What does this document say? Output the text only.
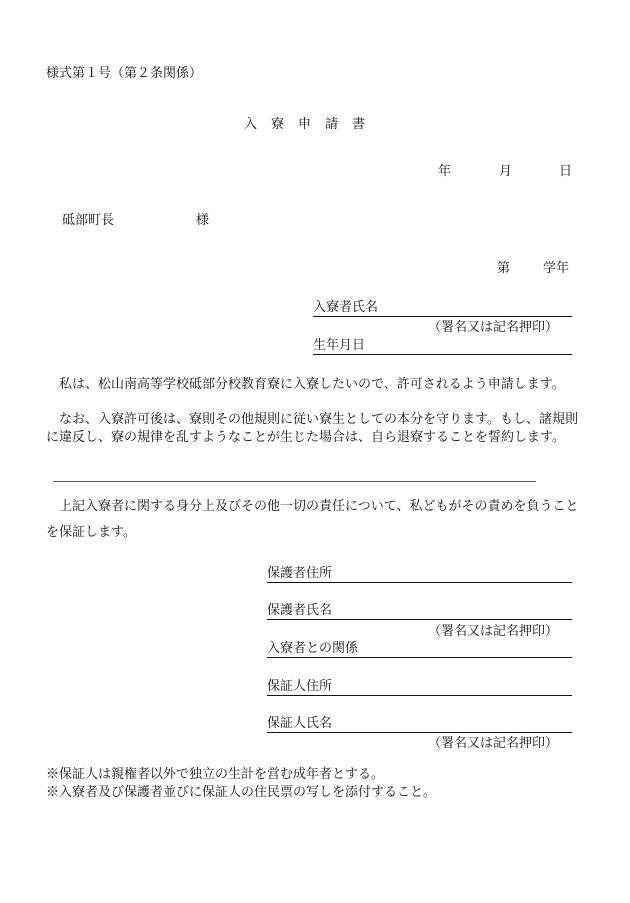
様式第１号（第２条関係）
入寮申請書
年	月	日
砥部町長	様
第	学年
入寮者氏名
（署名又は記名押印）
生年月日
私は、松山南高等学校砥部分校教育寮に入寮したいので、許可されるよう申請します。
なお、入寮許可後は、寮則その他規則に従い寮生としての本分を守ります。もし、諸規則に違反し、寮の規律を乱すようなことが生じた場合は、自ら退寮することを誓約します。
上記入寮者に関する身分上及びその他一切の責任について、私どもがその責めを負うことを保証します。
保護者住所
保護者氏名
（署名又は記名押印）
入寮者との関係
保証人住所
保証人氏名
（署名又は記名押印）
※保証人は親権者以外で独立の生計を営む成年者とする。
※入寮者及び保護者並びに保証人の住民票の写しを添付すること。
